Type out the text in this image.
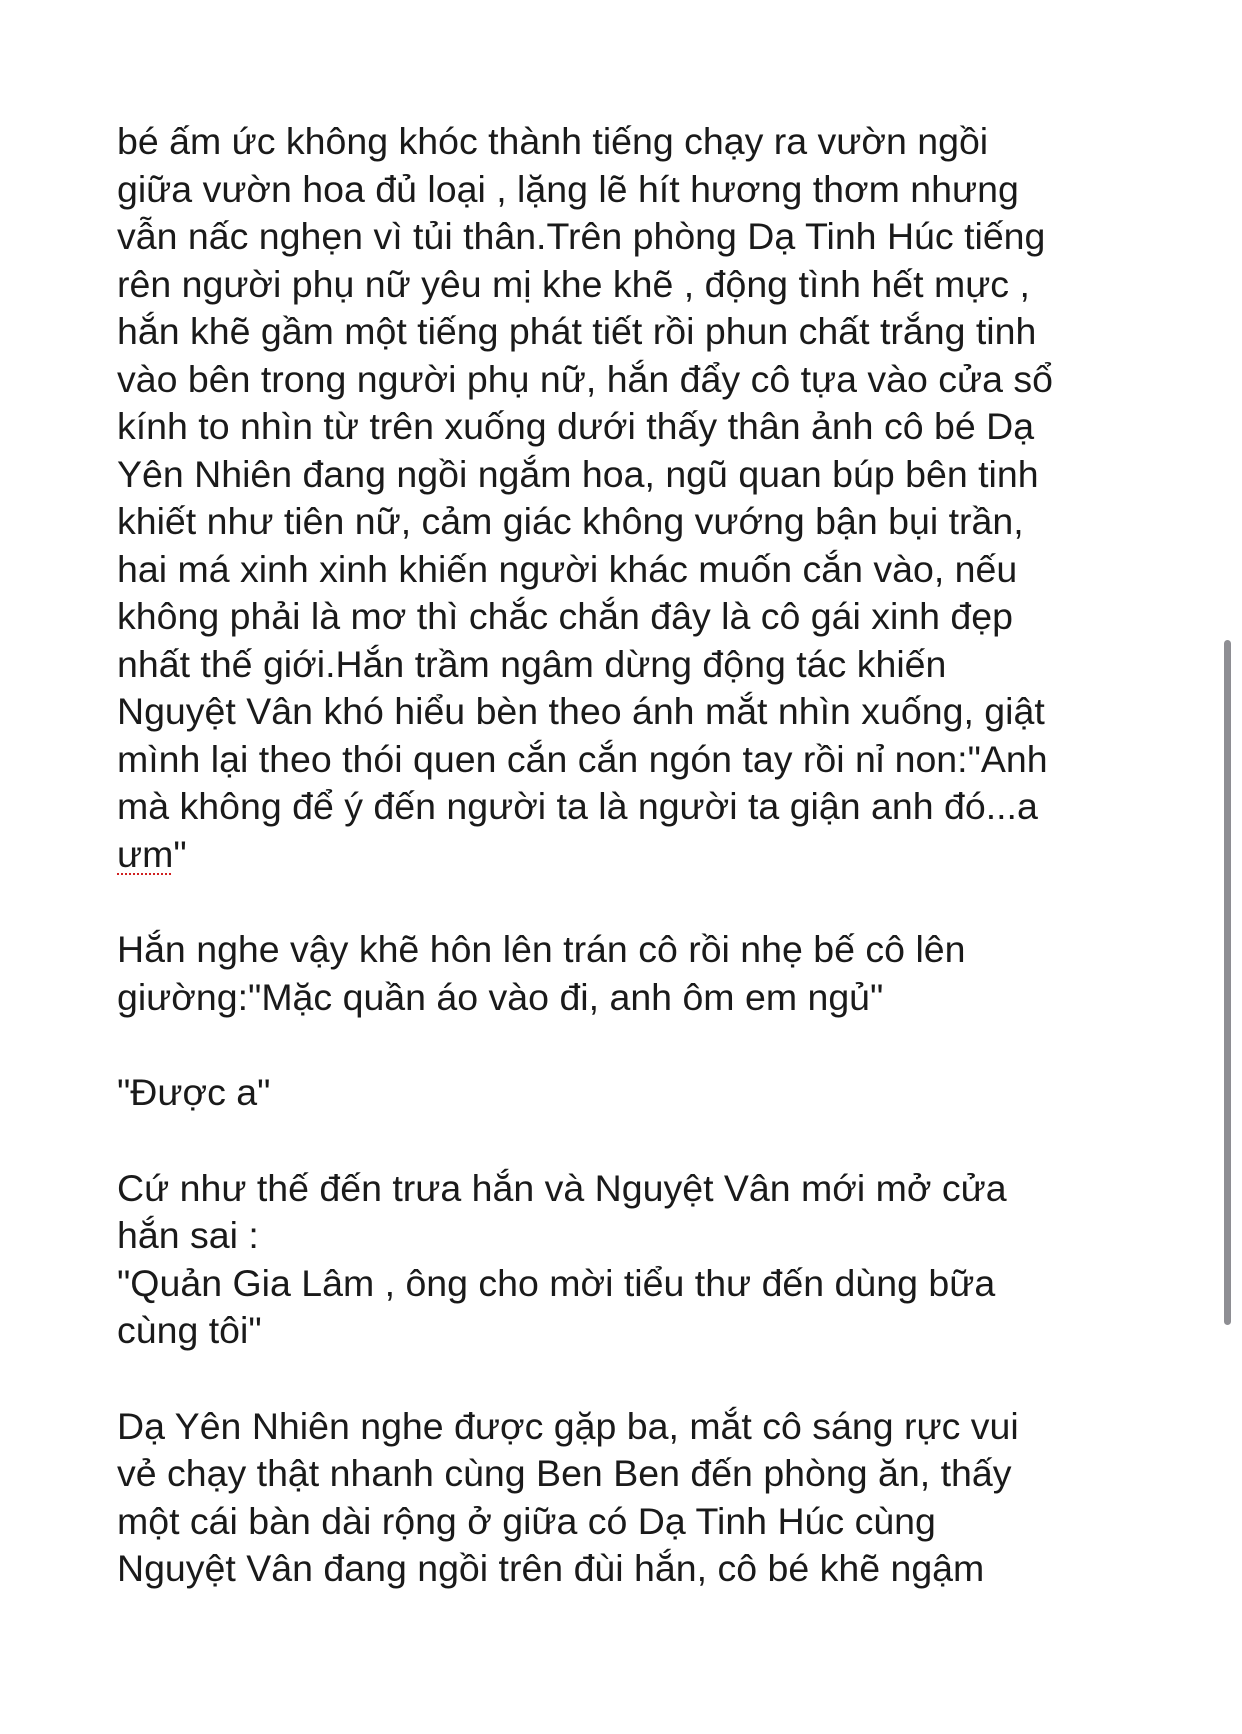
bé ấm ức không khóc thành tiếng chạy ra vườn ngồi
giữa vườn hoa đủ loại , lặng lẽ hít hương thơm nhưng
vẫn nấc nghẹn vì tủi thân.Trên phòng Dạ Tinh Húc tiếng
rên người phụ nữ yêu mị khe khẽ , động tình hết mực ,
hắn khẽ gầm một tiếng phát tiết rồi phun chất trắng tinh
vào bên trong người phụ nữ, hắn đẩy cô tựa vào cửa sổ
kính to nhìn từ trên xuống dưới thấy thân ảnh cô bé Dạ
Yên Nhiên đang ngồi ngắm hoa, ngũ quan búp bên tinh
khiết như tiên nữ, cảm giác không vướng bận bụi trần,
hai má xinh xinh khiến người khác muốn cắn vào, nếu
không phải là mơ thì chắc chắn đây là cô gái xinh đẹp
nhất thế giới.Hắn trầm ngâm dừng động tác khiến
Nguyệt Vân khó hiểu bèn theo ánh mắt nhìn xuống, giật
mình lại theo thói quen cắn cắn ngón tay rồi nỉ non:"Anh
mà không để ý đến người ta là người ta giận anh đó...a
ưm"
Hắn nghe vậy khẽ hôn lên trán cô rồi nhẹ bế cô lên
giường:"Mặc quần áo vào đi, anh ôm em ngủ"
"Được a"
Cứ như thế đến trưa hắn và Nguyệt Vân mới mở cửa
hắn sai :
"Quản Gia Lâm , ông cho mời tiểu thư đến dùng bữa
cùng tôi"
Dạ Yên Nhiên nghe được gặp ba, mắt cô sáng rực vui
vẻ chạy thật nhanh cùng Ben Ben đến phòng ăn, thấy
một cái bàn dài rộng ở giữa có Dạ Tinh Húc cùng
Nguyệt Vân đang ngồi trên đùi hắn, cô bé khẽ ngậm
